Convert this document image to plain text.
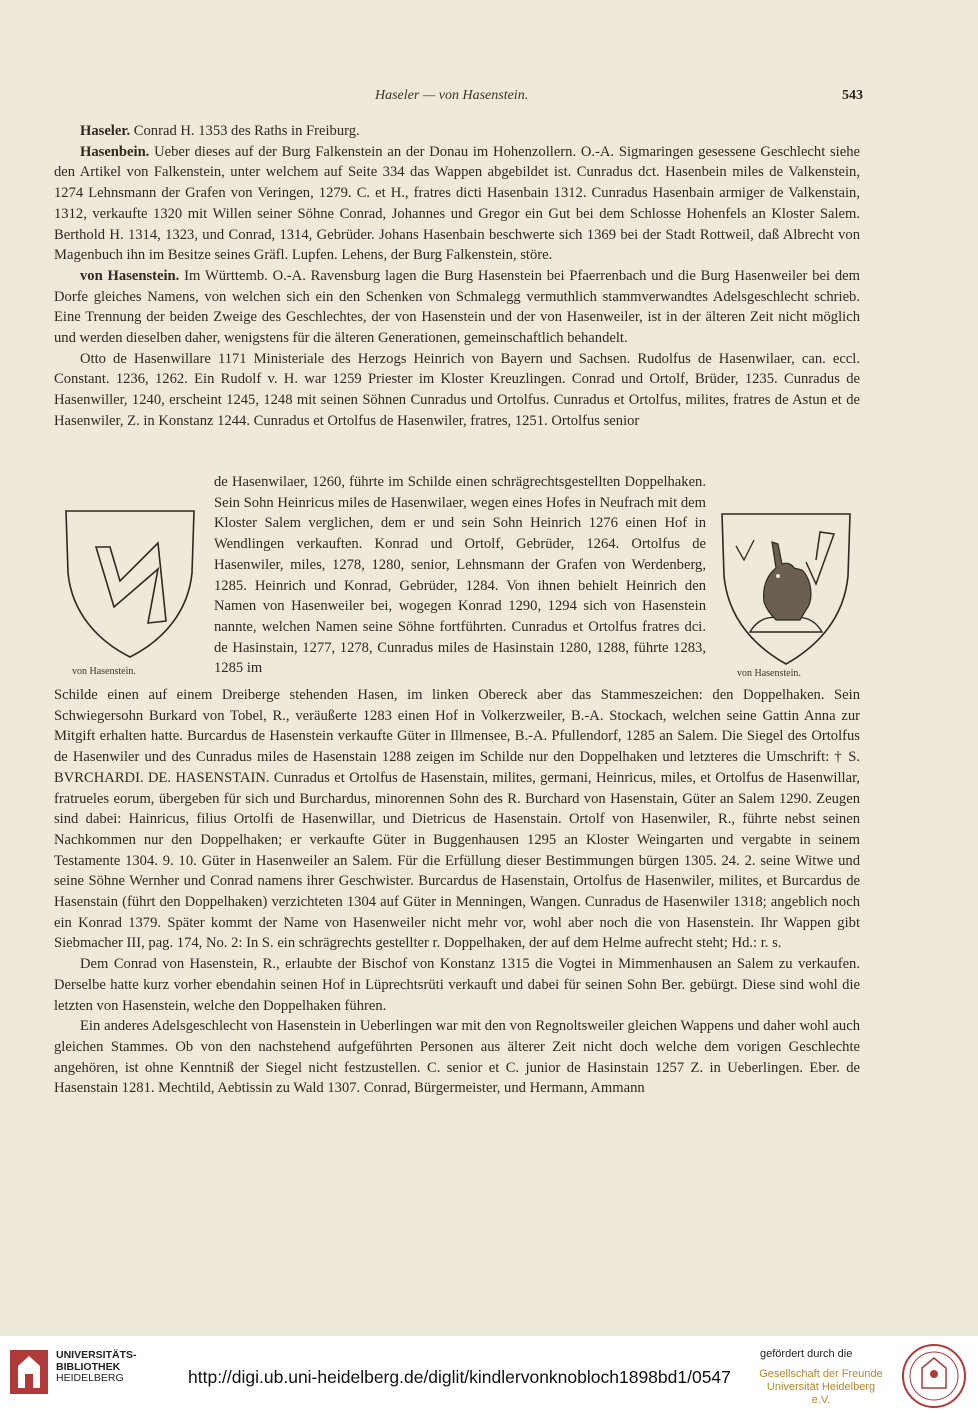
Haseler — von Hasenstein.	543

Haseler. Conrad H. 1353 des Raths in Freiburg.

Hasenbein. Ueber dieses auf der Burg Falkenstein an der Donau im Hohenzollern. O.-A. Sigmaringen gesessene Geschlecht siehe den Artikel von Falkenstein, unter welchem auf Seite 334 das Wappen abgebildet ist. Cunradus dct. Hasenbein miles de Valkenstein, 1274 Lehnsmann der Grafen von Veringen, 1279. C. et H., fratres dicti Hasenbain 1312. Cunradus Hasenbain armiger de Valkenstain, 1312, verkaufte 1320 mit Willen seiner Söhne Conrad, Johannes und Gregor ein Gut bei dem Schlosse Hohenfels an Kloster Salem. Berthold H. 1314, 1323, und Conrad, 1314, Gebrüder. Johans Hasenbain beschwerte sich 1369 bei der Stadt Rottweil, daß Albrecht von Magenbuch ihn im Besitze seines Gräfl. Lupfen. Lehens, der Burg Falkenstein, störe.

von Hasenstein. Im Württemb. O.-A. Ravensburg lagen die Burg Hasenstein bei Pfaerrenbach und die Burg Hasenweiler bei dem Dorfe gleiches Namens, von welchen sich ein den Schenken von Schmalegg vermuthlich stammverwandtes Adelsgeschlecht schrieb. Eine Trennung der beiden Zweige des Geschlechtes, der von Hasenstein und der von Hasenweiler, ist in der älteren Zeit nicht möglich und werden dieselben daher, wenigstens für die älteren Generationen, gemeinschaftlich behandelt.

Otto de Hasenwillare 1171 Ministeriale des Herzogs Heinrich von Bayern und Sachsen. Rudolfus de Hasenwilaer, can. eccl. Constant. 1236, 1262. Ein Rudolf v. H. war 1259 Priester im Kloster Kreuzlingen. Conrad und Ortolf, Brüder, 1235. Cunradus de Hasenwiller, 1240, erscheint 1245, 1248 mit seinen Söhnen Cunradus und Ortolfus. Cunradus et Ortolfus, milites, fratres de Astun et de Hasenwiler, Z. in Konstanz 1244. Cunradus et Ortolfus de Hasenwiler, fratres, 1251. Ortolfus senior

von Hasenstein.

de Hasenwilaer, 1260, führte im Schilde einen schrägrechtsgestellten Doppelhaken. Sein Sohn Heinricus miles de Hasenwilaer, wegen eines Hofes in Neufrach mit dem Kloster Salem verglichen, dem er und sein Sohn Heinrich 1276 einen Hof in Wendlingen verkauften. Konrad und Ortolf, Gebrüder, 1264. Ortolfus de Hasenwiler, miles, 1278, 1280, senior, Lehnsmann der Grafen von Werdenberg, 1285. Heinrich und Konrad, Gebrüder, 1284. Von ihnen behielt Heinrich den Namen von Hasenweiler bei, wogegen Konrad 1290, 1294 sich von Hasenstein nannte, welchen Namen seine Söhne fortführten. Cunradus et Ortolfus fratres dci. de Hasinstain, 1277, 1278, Cunradus miles de Hasinstain 1280, 1288, führte 1283, 1285 im	von Hasenstein.

Schilde einen auf einem Dreiberge stehenden Hasen, im linken Obereck aber das Stammeszeichen: den Doppelhaken. Sein Schwiegersohn Burkard von Tobel, R., veräußerte 1283 einen Hof in Volkerzweiler, B.-A. Stockach, welchen seine Gattin Anna zur Mitgift erhalten hatte. Burcardus de Hasenstein verkaufte Güter in Illmensee, B.-A. Pfullendorf, 1285 an Salem. Die Siegel des Ortolfus de Hasenwiler und des Cunradus miles de Hasenstain 1288 zeigen im Schilde nur den Doppelhaken und letzteres die Umschrift: † S. BVRCHARDI. DE. HASENSTAIN. Cunradus et Ortolfus de Hasenstain, milites, germani, Heinricus, miles, et Ortolfus de Hasenwillar, fratrueles eorum, übergeben für sich und Burchardus, minorennen Sohn des R. Burchard von Hasenstain, Güter an Salem 1290. Zeugen sind dabei: Hainricus, filius Ortolfi de Hasenwillar, und Dietricus de Hasenstain. Ortolf von Hasenwiler, R., führte nebst seinen Nachkommen nur den Doppelhaken; er verkaufte Güter in Buggenhausen 1295 an Kloster Weingarten und vergabte in seinem Testamente 1304. 9. 10. Güter in Hasenweiler an Salem. Für die Erfüllung dieser Bestimmungen bürgen 1305. 24. 2. seine Witwe und seine Söhne Wernher und Conrad namens ihrer Geschwister. Burcardus de Hasenstain, Ortolfus de Hasenwiler, milites, et Burcardus de Hasenstain (führt den Doppelhaken) verzichteten 1304 auf Güter in Menningen, Wangen. Cunradus de Hasenwiler 1318; angeblich noch ein Konrad 1379. Später kommt der Name von Hasenweiler nicht mehr vor, wohl aber noch die von Hasenstein. Ihr Wappen gibt Siebmacher III, pag. 174, No. 2: In S. ein schrägrechts gestellter r. Doppelhaken, der auf dem Helme aufrecht steht; Hd.: r. s.

Dem Conrad von Hasenstein, R., erlaubte der Bischof von Konstanz 1315 die Vogtei in Mimmenhausen an Salem zu verkaufen. Derselbe hatte kurz vorher ebendahin seinen Hof in Lüprechtsrüti verkauft und dabei für seinen Sohn Ber. gebürgt. Diese sind wohl die letzten von Hasenstein, welche den Doppelhaken führen.

Ein anderes Adelsgeschlecht von Hasenstein in Ueberlingen war mit den von Regnoltsweiler gleichen Wappens und daher wohl auch gleichen Stammes. Ob von den nachstehend aufgeführten Personen aus älterer Zeit nicht doch welche dem vorigen Geschlechte angehören, ist ohne Kenntniß der Siegel nicht festzustellen. C. senior et C. junior de Hasinstain 1257 Z. in Ueberlingen. Eber. de Hasenstain 1281. Mechtild, Aebtissin zu Wald 1307. Conrad, Bürgermeister, und Hermann, Ammann

UNIVERSITÄTS-
BIBLIOTHEK
HEIDELBERG	http://digi.ub.uni-heidelberg.de/diglit/kindlervonknobloch1898bd1/0547
gefördert durch die
Gesellschaft der Freunde
Universität Heidelberg e.V.
